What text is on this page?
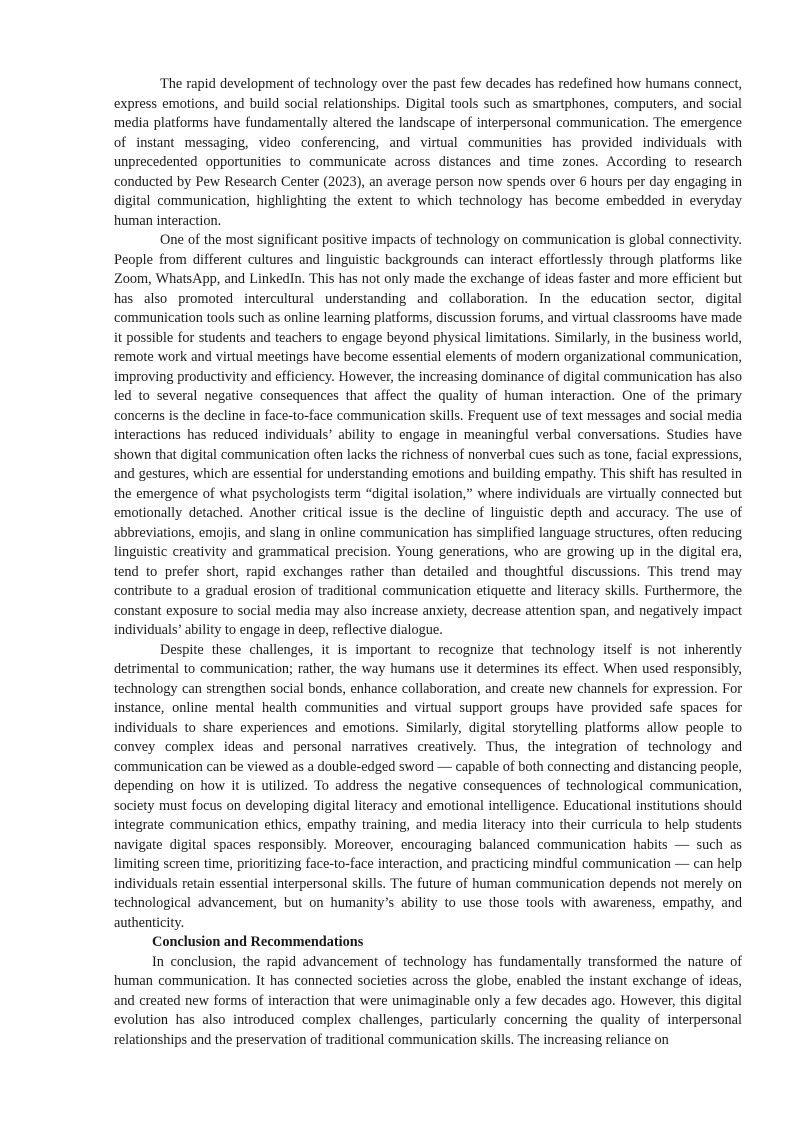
The rapid development of technology over the past few decades has redefined how humans connect, express emotions, and build social relationships. Digital tools such as smartphones, computers, and social media platforms have fundamentally altered the landscape of interpersonal communication. The emergence of instant messaging, video conferencing, and virtual communities has provided individuals with unprecedented opportunities to communicate across distances and time zones. According to research conducted by Pew Research Center (2023), an average person now spends over 6 hours per day engaging in digital communication, highlighting the extent to which technology has become embedded in everyday human interaction.

One of the most significant positive impacts of technology on communication is global connectivity. People from different cultures and linguistic backgrounds can interact effortlessly through platforms like Zoom, WhatsApp, and LinkedIn. This has not only made the exchange of ideas faster and more efficient but has also promoted intercultural understanding and collaboration. In the education sector, digital communication tools such as online learning platforms, discussion forums, and virtual classrooms have made it possible for students and teachers to engage beyond physical limitations. Similarly, in the business world, remote work and virtual meetings have become essential elements of modern organizational communication, improving productivity and efficiency. However, the increasing dominance of digital communication has also led to several negative consequences that affect the quality of human interaction. One of the primary concerns is the decline in face-to-face communication skills. Frequent use of text messages and social media interactions has reduced individuals’ ability to engage in meaningful verbal conversations. Studies have shown that digital communication often lacks the richness of nonverbal cues such as tone, facial expressions, and gestures, which are essential for understanding emotions and building empathy. This shift has resulted in the emergence of what psychologists term “digital isolation,” where individuals are virtually connected but emotionally detached. Another critical issue is the decline of linguistic depth and accuracy. The use of abbreviations, emojis, and slang in online communication has simplified language structures, often reducing linguistic creativity and grammatical precision. Young generations, who are growing up in the digital era, tend to prefer short, rapid exchanges rather than detailed and thoughtful discussions. This trend may contribute to a gradual erosion of traditional communication etiquette and literacy skills. Furthermore, the constant exposure to social media may also increase anxiety, decrease attention span, and negatively impact individuals’ ability to engage in deep, reflective dialogue.

Despite these challenges, it is important to recognize that technology itself is not inherently detrimental to communication; rather, the way humans use it determines its effect. When used responsibly, technology can strengthen social bonds, enhance collaboration, and create new channels for expression. For instance, online mental health communities and virtual support groups have provided safe spaces for individuals to share experiences and emotions. Similarly, digital storytelling platforms allow people to convey complex ideas and personal narratives creatively. Thus, the integration of technology and communication can be viewed as a double-edged sword — capable of both connecting and distancing people, depending on how it is utilized. To address the negative consequences of technological communication, society must focus on developing digital literacy and emotional intelligence. Educational institutions should integrate communication ethics, empathy training, and media literacy into their curricula to help students navigate digital spaces responsibly. Moreover, encouraging balanced communication habits — such as limiting screen time, prioritizing face-to-face interaction, and practicing mindful communication — can help individuals retain essential interpersonal skills. The future of human communication depends not merely on technological advancement, but on humanity’s ability to use those tools with awareness, empathy, and authenticity.

Conclusion and Recommendations

In conclusion, the rapid advancement of technology has fundamentally transformed the nature of human communication. It has connected societies across the globe, enabled the instant exchange of ideas, and created new forms of interaction that were unimaginable only a few decades ago. However, this digital evolution has also introduced complex challenges, particularly concerning the quality of interpersonal relationships and the preservation of traditional communication skills. The increasing reliance on
